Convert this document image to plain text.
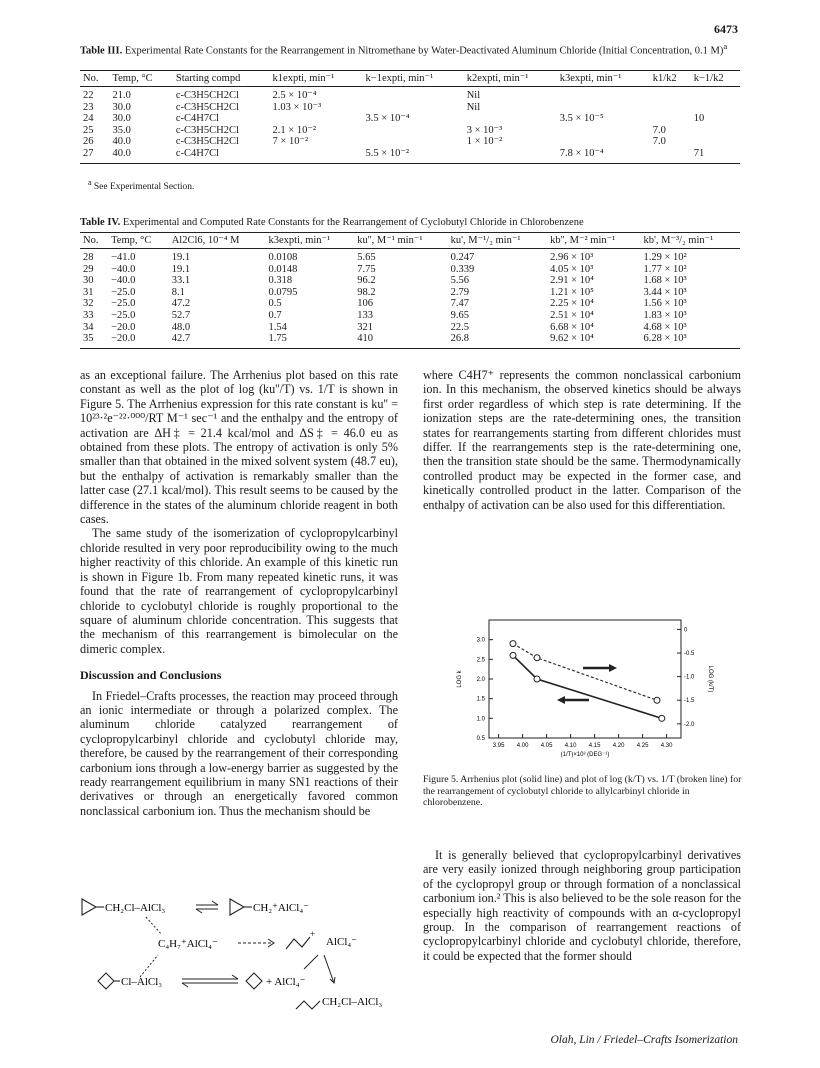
6473
Table III. Experimental Rate Constants for the Rearrangement in Nitromethane by Water-Deactivated Aluminum Chloride (Initial Concentration, 0.1 M)$^a$
No.	Temp, °C	Starting compd	k1expti, min⁻¹	k−1expti, min⁻¹	k2expti, min⁻¹	k3expti, min⁻¹	k1/k2	k−1/k2
22	21.0	c-C3H5CH2Cl	2.5 × 10⁻⁴		Nil			
23	30.0	c-C3H5CH2Cl	1.03 × 10⁻³		Nil			
24	30.0	c-C4H7Cl		3.5 × 10⁻⁴		3.5 × 10⁻⁵		10
25	35.0	c-C3H5CH2Cl	2.1 × 10⁻²		3 × 10⁻³		7.0	
26	40.0	c-C3H5CH2Cl	7 × 10⁻²		1 × 10⁻²		7.0	
27	40.0	c-C4H7Cl		5.5 × 10⁻²		7.8 × 10⁻⁴		71
$^a$ See Experimental Section.
Table IV. Experimental and Computed Rate Constants for the Rearrangement of Cyclobutyl Chloride in Chlorobenzene
No.	Temp, °C	Al2Cl6, 10⁻⁴ M	k3expti, min⁻¹	ku'', M⁻¹ min⁻¹	ku', M⁻¹/₂ min⁻¹	kb'', M⁻² min⁻¹	kb', M⁻³/₂ min⁻¹
28	−41.0	19.1	0.0108	5.65	0.247	2.96 × 10³	1.29 × 10²
29	−40.0	19.1	0.0148	7.75	0.339	4.05 × 10³	1.77 × 10²
30	−40.0	33.1	0.318	96.2	5.56	2.91 × 10⁴	1.68 × 10³
31	−25.0	8.1	0.0795	98.2	2.79	1.21 × 10⁵	3.44 × 10³
32	−25.0	47.2	0.5	106	7.47	2.25 × 10⁴	1.56 × 10³
33	−25.0	52.7	0.7	133	9.65	2.51 × 10⁴	1.83 × 10³
34	−20.0	48.0	1.54	321	22.5	6.68 × 10⁴	4.68 × 10³
35	−20.0	42.7	1.75	410	26.8	9.62 × 10⁴	6.28 × 10³

as an exceptional failure. The Arrhenius plot based on this rate constant as well as the plot of log (ku''/T) vs. 1/T is shown in Figure 5. The Arrhenius expression for this rate constant is ku'' = 10²³·²e⁻²²·⁰⁰⁰/RT M⁻¹ sec⁻¹ and the enthalpy and the entropy of activation are ΔH‡ = 21.4 kcal/mol and ΔS‡ = 46.0 eu as obtained from these plots. The entropy of activation is only 5% smaller than that obtained in the mixed solvent system (48.7 eu), but the enthalpy of activation is remarkably smaller than the latter case (27.1 kcal/mol). This result seems to be caused by the difference in the states of the aluminum chloride reagent in both cases.

The same study of the isomerization of cyclopropylcarbinyl chloride resulted in very poor reproducibility owing to the much higher reactivity of this chloride. An example of this kinetic run is shown in Figure 1b. From many repeated kinetic runs, it was found that the rate of rearrangement of cyclopropylcarbinyl chloride to cyclobutyl chloride is roughly proportional to the square of aluminum chloride concentration. This suggests that the mechanism of this rearrangement is bimolecular on the dimeric complex.

Discussion and Conclusions

In Friedel–Crafts processes, the reaction may proceed through an ionic intermediate or through a polarized complex. The aluminum chloride catalyzed rearrangement of cyclopropylcarbinyl chloride and cyclobutyl chloride may, therefore, be caused by the rearrangement of their corresponding carbonium ions through a low-energy barrier as suggested by the ready rearrangement equilibrium in many SN1 reactions of their derivatives or through an energetically favored common nonclassical carbonium ion. Thus the mechanism should be

where C4H7⁺ represents the common nonclassical carbonium ion. In this mechanism, the observed kinetics should be always first order regardless of which step is rate determining. If the ionization steps are the rate-determining ones, the transition states for rearrangements starting from different chlorides must differ. If the rearrangements step is the rate-determining one, then the transition state should be the same. Thermodynamically controlled product may be expected in the former case, and kinetically controlled product in the latter. Comparison of the enthalpy of activation can be also used for this differentiation.

3.95 4.00 4.05 4.10 4.15 4.20 4.25 4.30
3.0
2.5
2.0
1.5
1.0
0.5
0
-0.5
-1.0
-1.5
-2.0
(1/T)×10³ (DEG⁻¹)
LOG k	LOG (k/T)
Figure 5. Arrhenius plot (solid line) and plot of log (k/T) vs. 1/T (broken line) for the rearrangement of cyclobutyl chloride to allylcarbinyl chloride in chlorobenzene.

It is generally believed that cyclopropylcarbinyl derivatives are very easily ionized through neighboring group participation of the cyclopropyl group or through formation of a nonclassical carbonium ion.² This is also believed to be the sole reason for the especially high reactivity of compounds with an α-cyclopropyl group. In the comparison of rearrangement reactions of cyclopropylcarbinyl chloride and cyclobutyl chloride, therefore, it could be expected that the former should

CH₂Cl–AlCl₃	CH₂⁺AlCl₄⁻
C₄H₇⁺AlCl₄⁻
+
AlCl₄⁻
Cl–AlCl₃	+ AlCl₄⁻
CH₂Cl–AlCl₃
Olah, Lin / Friedel–Crafts Isomerization
